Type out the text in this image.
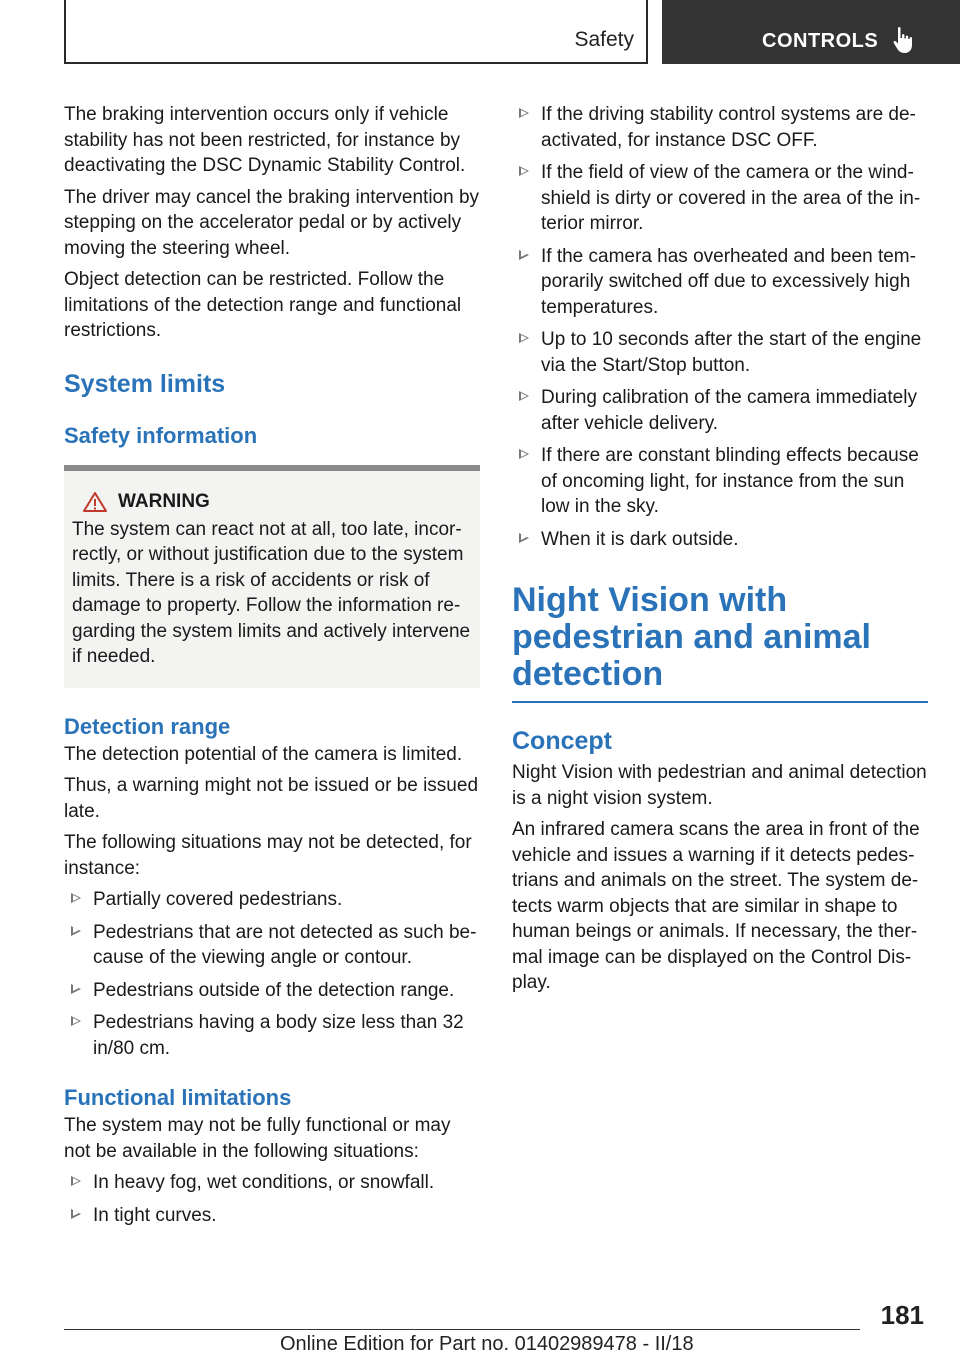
Safety	CONTROLS

The braking intervention occurs only if vehicle stability has not been restricted, for instance by deactivating the DSC Dynamic Stability Control.

The driver may cancel the braking intervention by stepping on the accelerator pedal or by actively moving the steering wheel.

Object detection can be restricted. Follow the limitations of the detection range and functional restrictions.

System limits
Safety information
WARNING

The system can react not at all, too late, incorrectly, or without justification due to the system limits. There is a risk of accidents or risk of damage to property. Follow the information regarding the system limits and actively intervene if needed.

Detection range

The detection potential of the camera is limited.

Thus, a warning might not be issued or be issued late.

The following situations may not be detected, for instance:

Partially covered pedestrians.
Pedestrians that are not detected as such because of the viewing angle or contour.
Pedestrians outside of the detection range.
Pedestrians having a body size less than 32 in/80 cm.
Functional limitations

The system may not be fully functional or may not be available in the following situations:

In heavy fog, wet conditions, or snowfall.
In tight curves.
If the driving stability control systems are deactivated, for instance DSC OFF.
If the field of view of the camera or the windshield is dirty or covered in the area of the interior mirror.
If the camera has overheated and been temporarily switched off due to excessively high temperatures.
Up to 10 seconds after the start of the engine via the Start/Stop button.
During calibration of the camera immediately after vehicle delivery.
If there are constant blinding effects because of oncoming light, for instance from the sun low in the sky.
When it is dark outside.
Night Vision with pedestrian and animal detection
Concept

Night Vision with pedestrian and animal detection is a night vision system.

An infrared camera scans the area in front of the vehicle and issues a warning if it detects pedestrians and animals on the street. The system detects warm objects that are similar in shape to human beings or animals. If necessary, the thermal image can be displayed on the Control Display.

181
Online Edition for Part no. 01402989478 - II/18
